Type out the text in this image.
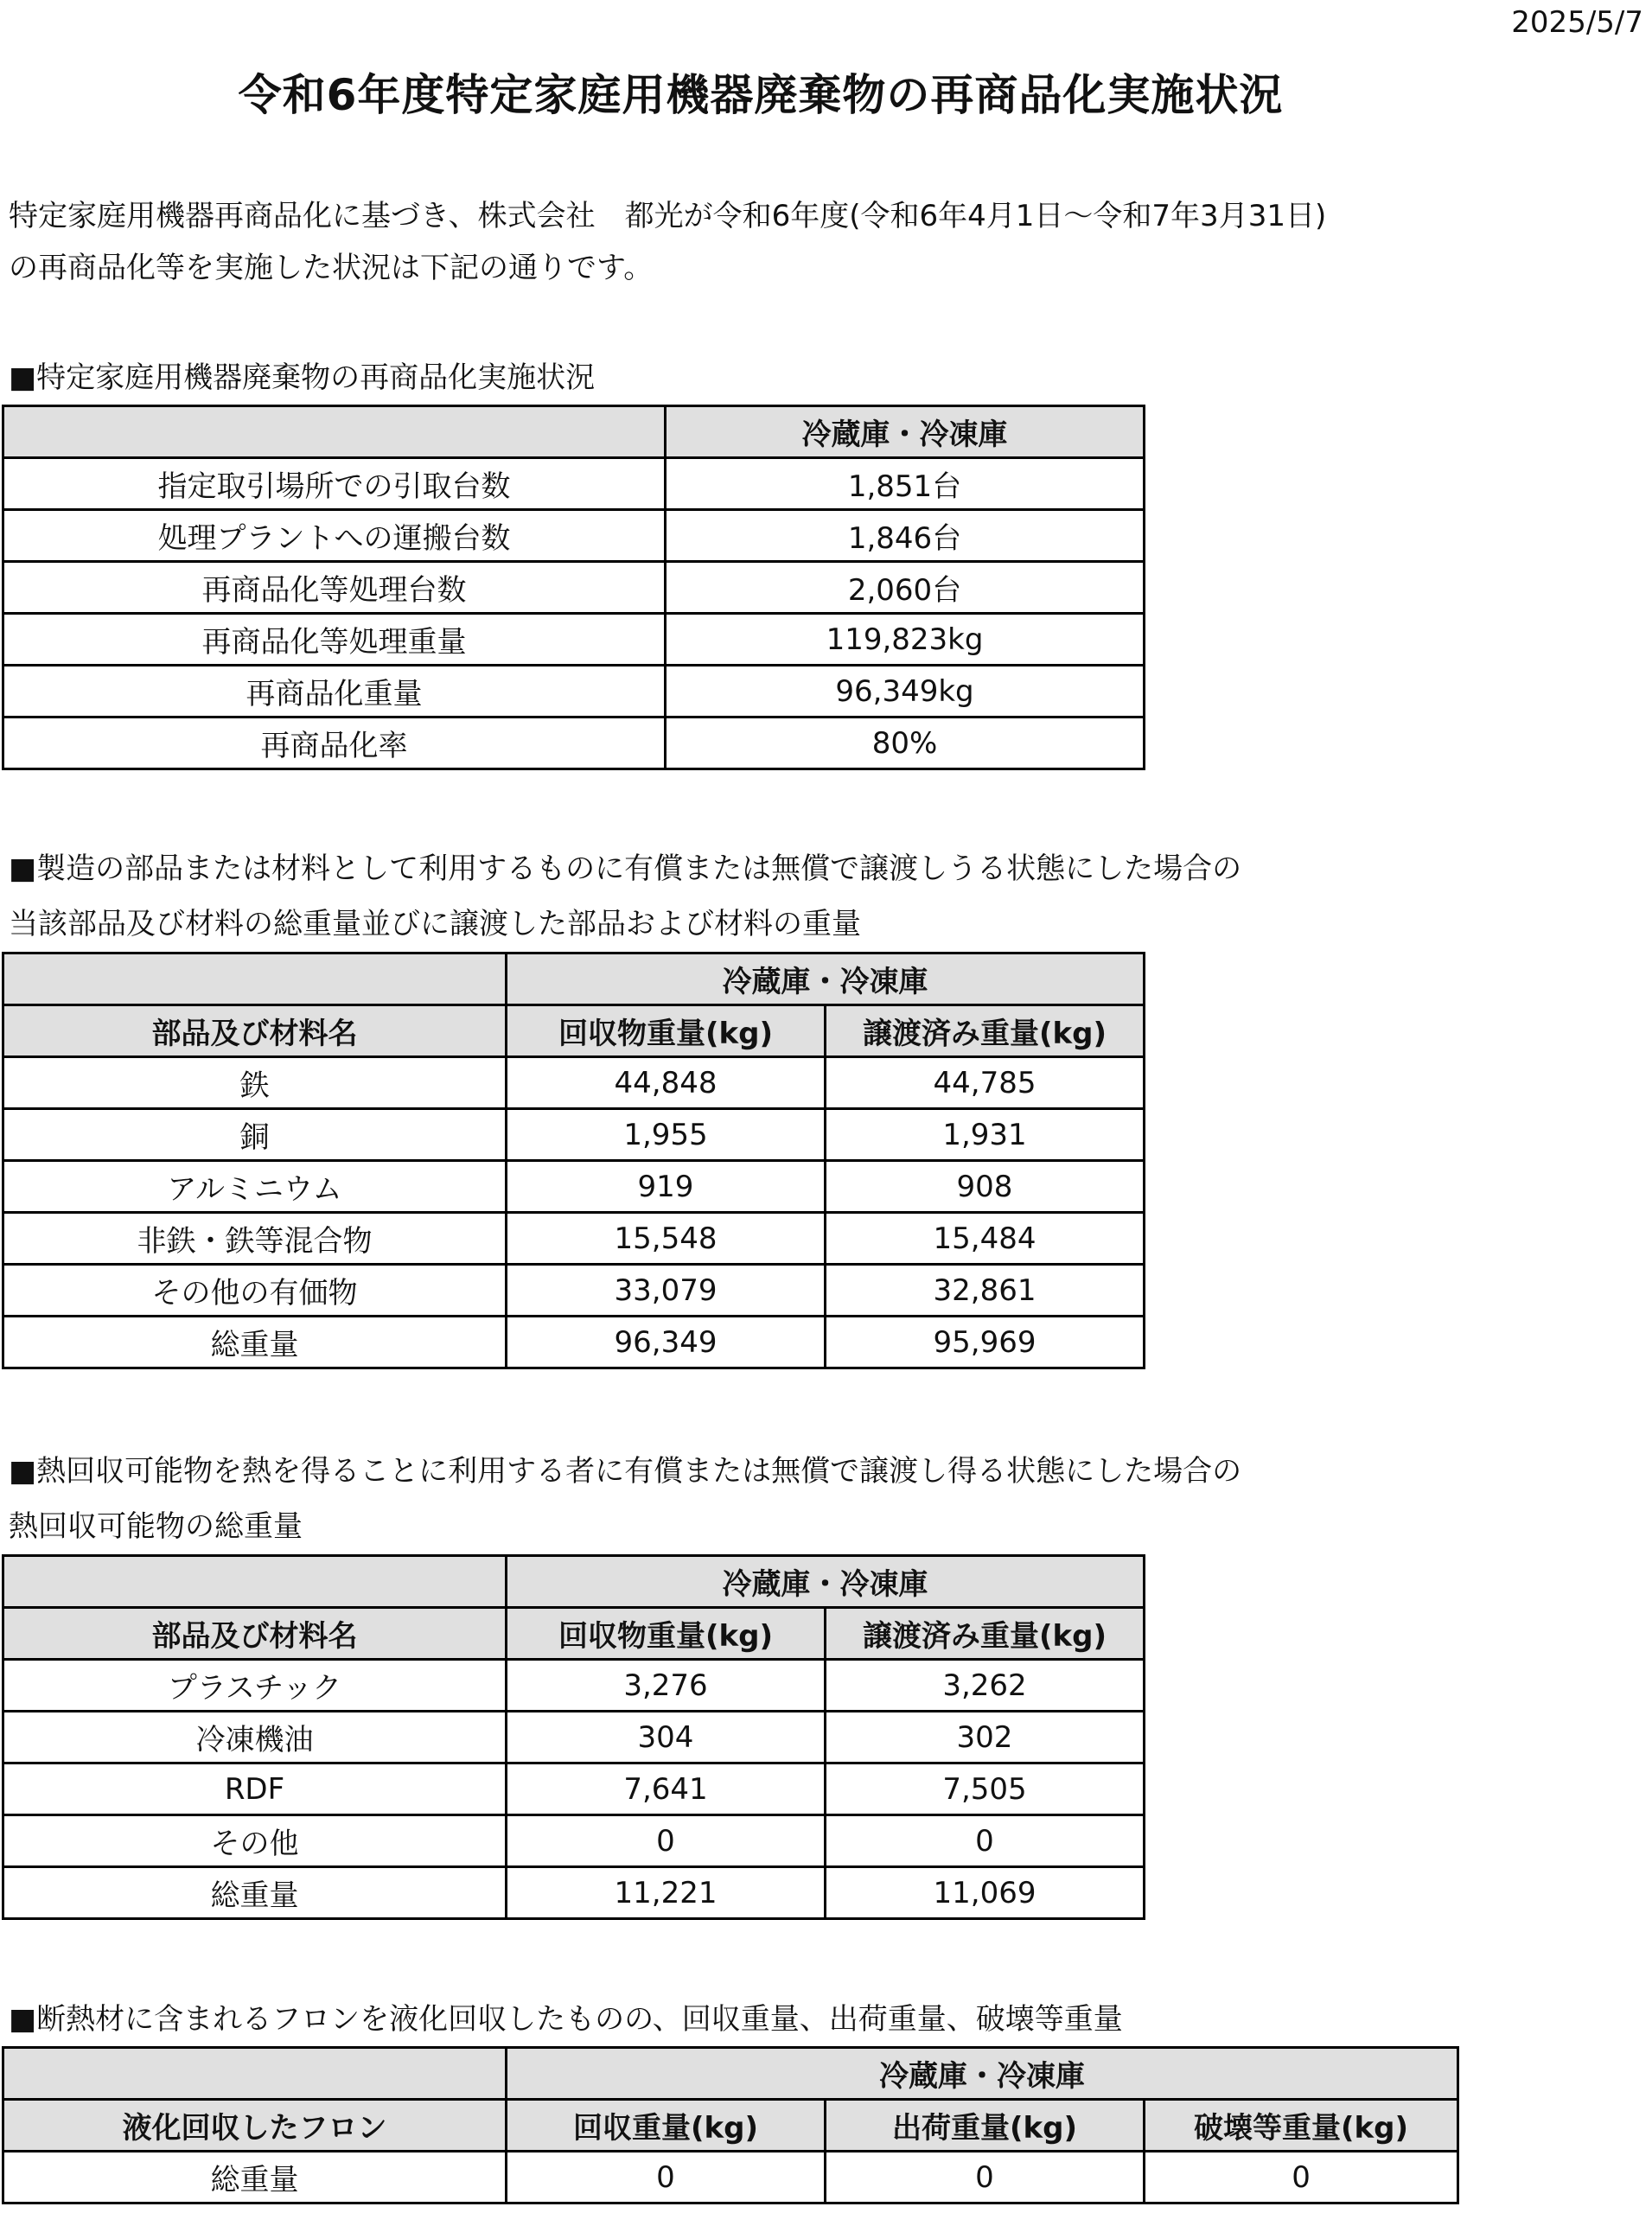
2025/5/7
令和6年度特定家庭用機器廃棄物の再商品化実施状況
特定家庭用機器再商品化に基づき、株式会社　都光が令和6年度(令和6年4月1日～令和7年3月31日)
の再商品化等を実施した状況は下記の通りです。
■特定家庭用機器廃棄物の再商品化実施状況
	冷蔵庫・冷凍庫
指定取引場所での引取台数	1,851台
処理プラントへの運搬台数	1,846台
再商品化等処理台数	2,060台
再商品化等処理重量	119,823kg
再商品化重量	96,349kg
再商品化率	80%
■製造の部品または材料として利用するものに有償または無償で譲渡しうる状態にした場合の
当該部品及び材料の総重量並びに譲渡した部品および材料の重量
	冷蔵庫・冷凍庫	
部品及び材料名	回収物重量(kg)	譲渡済み重量(kg)
鉄	44,848	44,785
銅	1,955	1,931
アルミニウム	919	908
非鉄・鉄等混合物	15,548	15,484
その他の有価物	33,079	32,861
総重量	96,349	95,969
■熱回収可能物を熱を得ることに利用する者に有償または無償で譲渡し得る状態にした場合の
熱回収可能物の総重量
	冷蔵庫・冷凍庫	
部品及び材料名	回収物重量(kg)	譲渡済み重量(kg)
プラスチック	3,276	3,262
冷凍機油	304	302
RDF	7,641	7,505
その他	0	0
総重量	11,221	11,069
■断熱材に含まれるフロンを液化回収したものの、回収重量、出荷重量、破壊等重量
	冷蔵庫・冷凍庫		
液化回収したフロン	回収重量(kg)	出荷重量(kg)	破壊等重量(kg)
総重量	0	0	0
